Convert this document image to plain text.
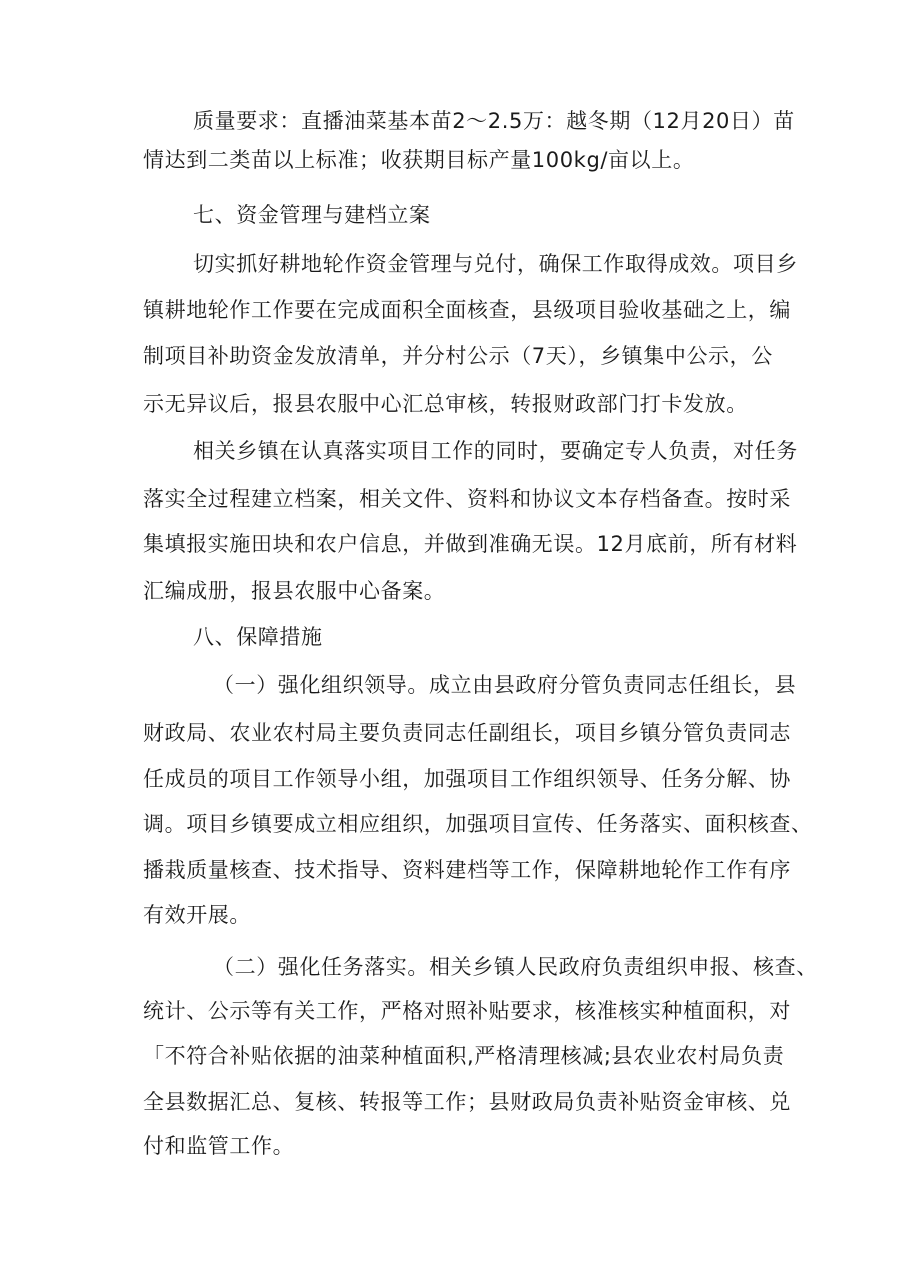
质量要求：直播油菜基本苗2～2.5万：越冬期（12月20日）苗
情达到二类苗以上标准；收获期目标产量100kg/亩以上。
七、资金管理与建档立案
切实抓好耕地轮作资金管理与兑付，确保工作取得成效。项目乡
镇耕地轮作工作要在完成面积全面核查，县级项目验收基础之上，编
制项目补助资金发放清单，并分村公示（7天），乡镇集中公示，公
示无异议后，报县农服中心汇总审核，转报财政部门打卡发放。
相关乡镇在认真落实项目工作的同时，要确定专人负责，对任务
落实全过程建立档案，相关文件、资料和协议文本存档备查。按时采
集填报实施田块和农户信息，并做到准确无误。12月底前，所有材料
汇编成册，报县农服中心备案。
八、保障措施
（一）强化组织领导。成立由县政府分管负责同志任组长，县
财政局、农业农村局主要负责同志任副组长，项目乡镇分管负责同志
任成员的项目工作领导小组，加强项目工作组织领导、任务分解、协
调。项目乡镇要成立相应组织，加强项目宣传、任务落实、面积核查、
播栽质量核查、技术指导、资料建档等工作，保障耕地轮作工作有序
有效开展。
（二）强化任务落实。相关乡镇人民政府负责组织申报、核查、
统计、公示等有关工作，严格对照补贴要求，核准核实种植面积，对
「不符合补贴依据的油菜种植面积,严格清理核减;县农业农村局负责
全县数据汇总、复核、转报等工作；县财政局负责补贴资金审核、兑
付和监管工作。
